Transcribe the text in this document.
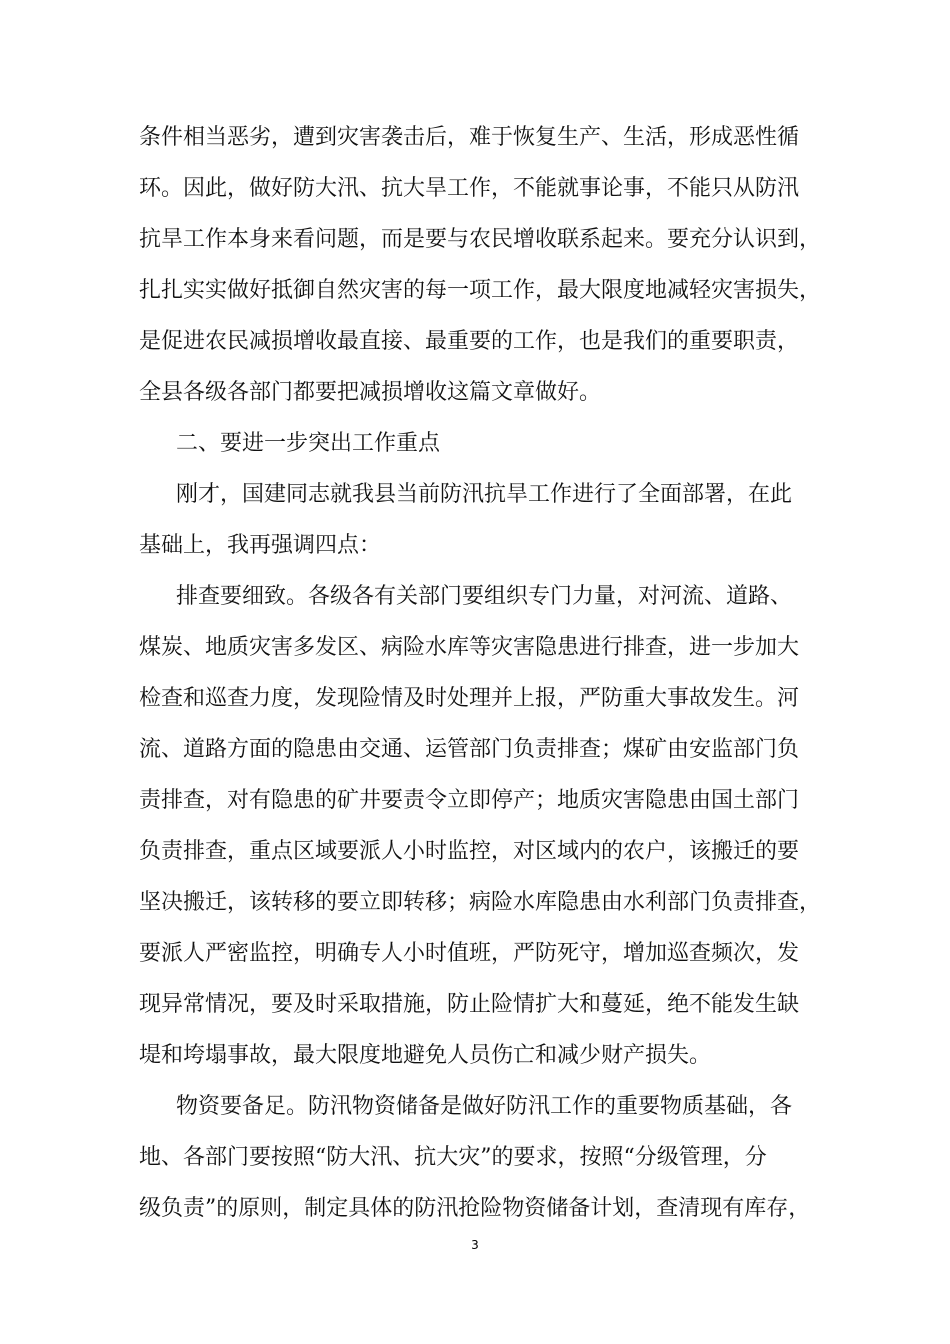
条件相当恶劣，遭到灾害袭击后，难于恢复生产、生活，形成恶性循
环。因此，做好防大汛、抗大旱工作，不能就事论事，不能只从防汛
抗旱工作本身来看问题，而是要与农民增收联系起来。要充分认识到，
扎扎实实做好抵御自然灾害的每一项工作，最大限度地减轻灾害损失，
是促进农民减损增收最直接、最重要的工作，也是我们的重要职责，
全县各级各部门都要把减损增收这篇文章做好。
二、要进一步突出工作重点
刚才，国建同志就我县当前防汛抗旱工作进行了全面部署，在此
基础上，我再强调四点：
排查要细致。各级各有关部门要组织专门力量，对河流、道路、
煤炭、地质灾害多发区、病险水库等灾害隐患进行排查，进一步加大
检查和巡查力度，发现险情及时处理并上报，严防重大事故发生。河
流、道路方面的隐患由交通、运管部门负责排查；煤矿由安监部门负
责排查，对有隐患的矿井要责令立即停产；地质灾害隐患由国土部门
负责排查，重点区域要派人小时监控，对区域内的农户，该搬迁的要
坚决搬迁，该转移的要立即转移；病险水库隐患由水利部门负责排查，
要派人严密监控，明确专人小时值班，严防死守，增加巡查频次，发
现异常情况，要及时采取措施，防止险情扩大和蔓延，绝不能发生缺
堤和垮塌事故，最大限度地避免人员伤亡和减少财产损失。
物资要备足。防汛物资储备是做好防汛工作的重要物质基础，各
地、各部门要按照“防大汛、抗大灾”的要求，按照“分级管理，分
级负责”的原则，制定具体的防汛抢险物资储备计划，查清现有库存，
3
